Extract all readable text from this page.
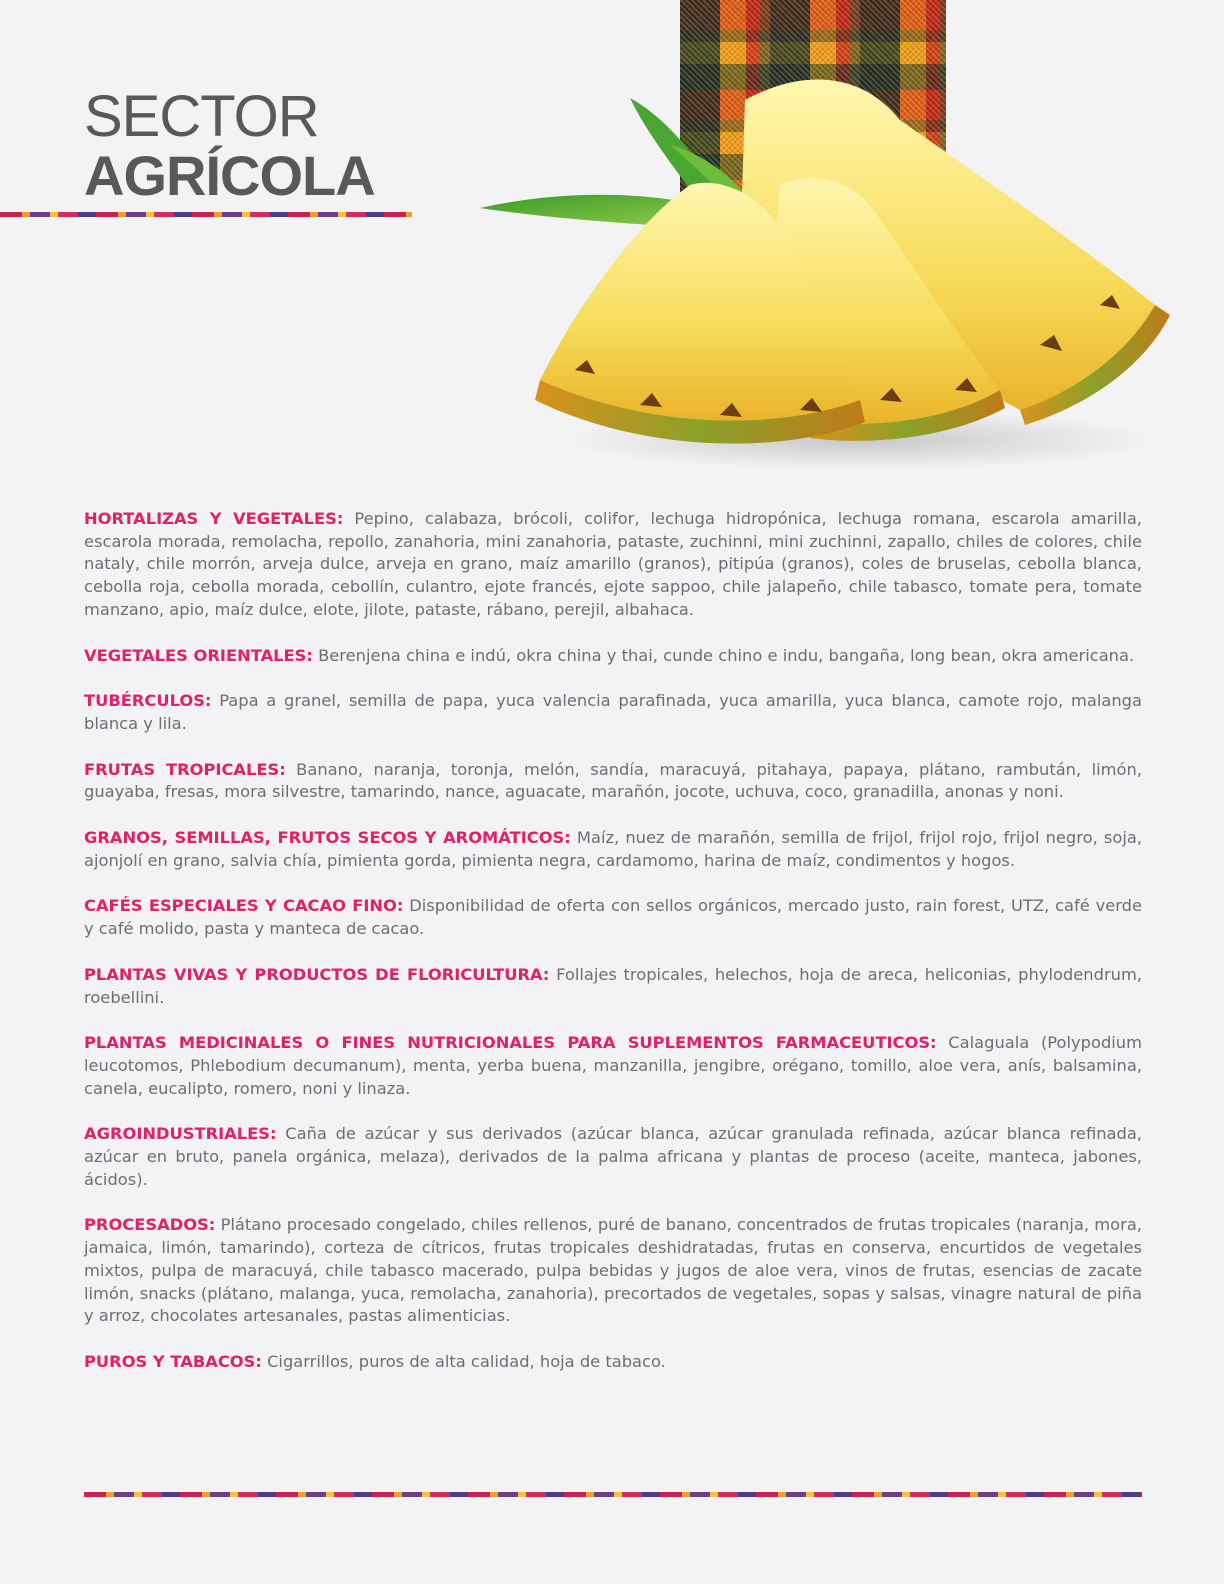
SECTOR
AGRÍCOLA

HORTALIZAS Y VEGETALES: Pepino, calabaza, brócoli, colifor, lechuga hidropónica, lechuga romana, escarola amarilla, escarola morada, remolacha, repollo, zanahoria, mini zanahoria, pataste, zuchinni, mini zuchinni, zapallo, chiles de colores, chile nataly, chile morrón, arveja dulce, arveja en grano, maíz amarillo (granos), pitipúa (granos), coles de bruselas, cebolla blanca, cebolla roja, cebolla morada, cebollín, culantro, ejote francés, ejote sappoo, chile jalapeño, chile tabasco, tomate pera, tomate manzano, apio, maíz dulce, elote, jilote, pataste, rábano, perejil, albahaca.

VEGETALES ORIENTALES: Berenjena china e indú, okra china y thai, cunde chino e indu, bangaña, long bean, okra americana.

TUBÉRCULOS: Papa a granel, semilla de papa, yuca valencia parafinada, yuca amarilla, yuca blanca, camote rojo, malanga blanca y lila.

FRUTAS TROPICALES: Banano, naranja, toronja, melón, sandía, maracuyá, pitahaya, papaya, plátano, rambután, limón, guayaba, fresas, mora silvestre, tamarindo, nance, aguacate, marañón, jocote, uchuva, coco, granadilla, anonas y noni.

GRANOS, SEMILLAS, FRUTOS SECOS Y AROMÁTICOS: Maíz, nuez de marañón, semilla de frijol, frijol rojo, frijol negro, soja, ajonjolí en grano, salvia chía, pimienta gorda, pimienta negra, cardamomo, harina de maíz, condimentos y hogos.

CAFÉS ESPECIALES Y CACAO FINO: Disponibilidad de oferta con sellos orgánicos, mercado justo, rain forest, UTZ, café verde y café molido, pasta y manteca de cacao.

PLANTAS VIVAS Y PRODUCTOS DE FLORICULTURA: Follajes tropicales, helechos, hoja de areca, heliconias, phylodendrum, roebellini.

PLANTAS MEDICINALES O FINES NUTRICIONALES PARA SUPLEMENTOS FARMACEUTICOS: Calaguala (Polypodium leucotomos, Phlebodium decumanum), menta, yerba buena, manzanilla, jengibre, orégano, tomillo, aloe vera, anís, balsamina, canela, eucalipto, romero, noni y linaza.

AGROINDUSTRIALES: Caña de azúcar y sus derivados (azúcar blanca, azúcar granulada refinada, azúcar blanca refinada, azúcar en bruto, panela orgánica, melaza), derivados de la palma africana y plantas de proceso (aceite, manteca, jabones, ácidos).

PROCESADOS: Plátano procesado congelado, chiles rellenos, puré de banano, concentrados de frutas tropicales (naranja, mora, jamaica, limón, tamarindo), corteza de cítricos, frutas tropicales deshidratadas, frutas en conserva, encurtidos de vegetales mixtos, pulpa de maracuyá, chile tabasco macerado, pulpa bebidas y jugos de aloe vera, vinos de frutas, esencias de zacate limón, snacks (plátano, malanga, yuca, remolacha, zanahoria), precortados de vegetales, sopas y salsas, vinagre natural de piña y arroz, chocolates artesanales, pastas alimenticias.

PUROS Y TABACOS: Cigarrillos, puros de alta calidad, hoja de tabaco.
